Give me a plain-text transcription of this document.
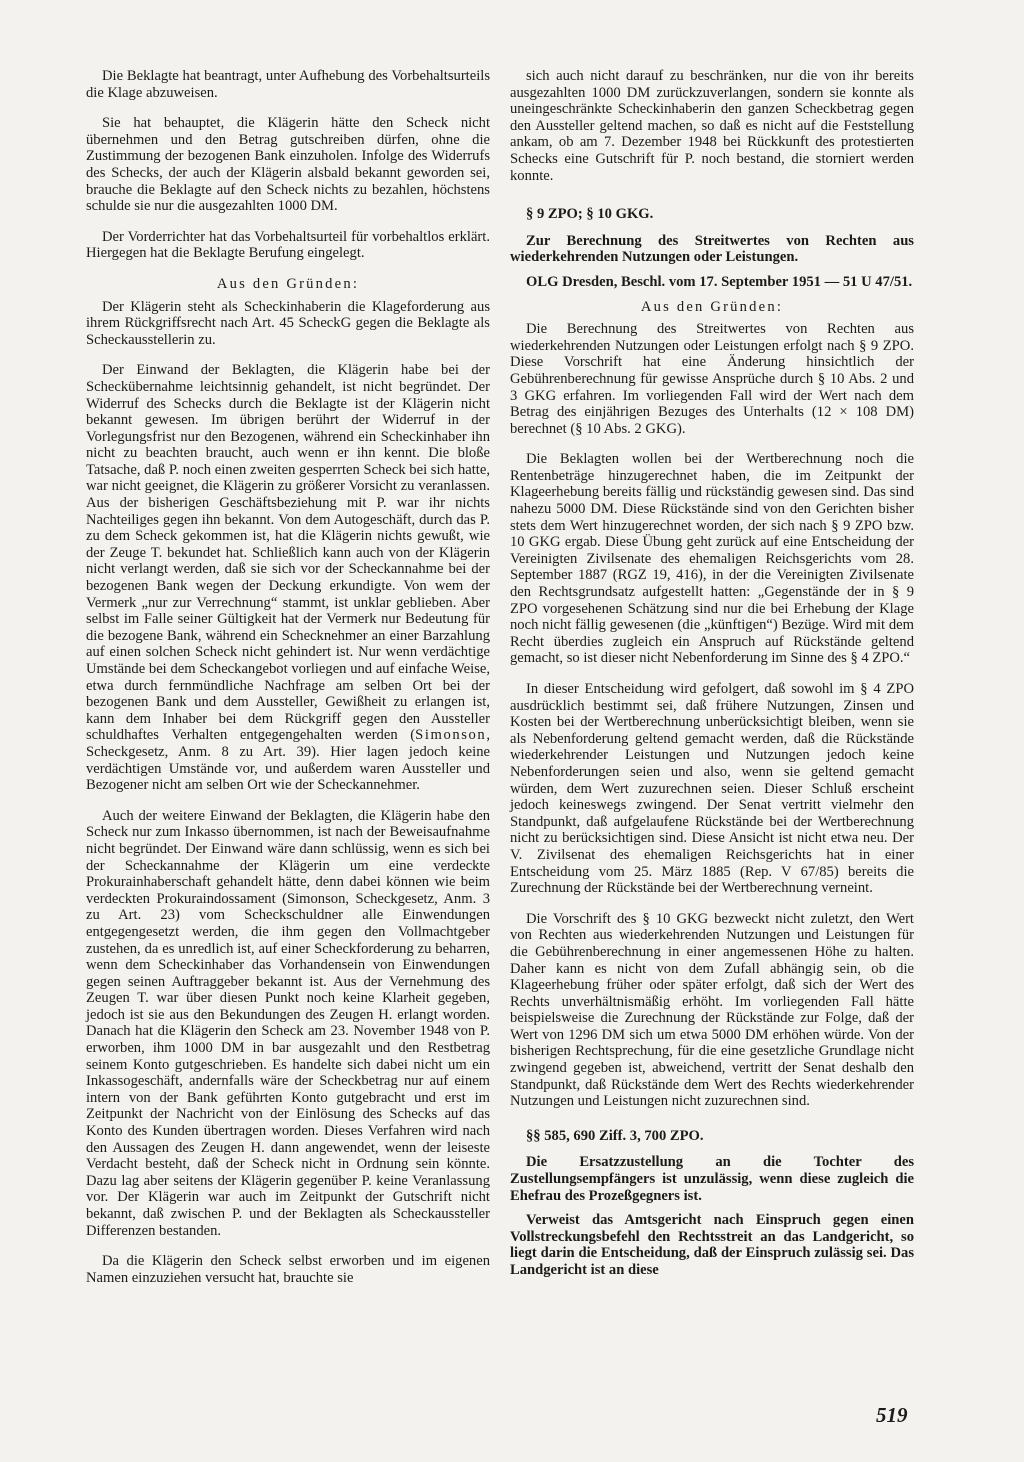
Die Beklagte hat beantragt, unter Aufhebung des Vorbehaltsurteils die Klage abzuweisen.

Sie hat behauptet, die Klägerin hätte den Scheck nicht übernehmen und den Betrag gutschreiben dürfen, ohne die Zustimmung der bezogenen Bank einzuholen. Infolge des Widerrufs des Schecks, der auch der Klägerin alsbald bekannt geworden sei, brauche die Beklagte auf den Scheck nichts zu bezahlen, höchstens schulde sie nur die ausgezahlten 1000 DM.

Der Vorderrichter hat das Vorbehaltsurteil für vorbehaltlos erklärt. Hiergegen hat die Beklagte Berufung eingelegt.

Aus den Gründen:

Der Klägerin steht als Scheckinhaberin die Klageforderung aus ihrem Rückgriffsrecht nach Art. 45 ScheckG gegen die Beklagte als Scheckausstellerin zu.

Der Einwand der Beklagten, die Klägerin habe bei der Scheckübernahme leichtsinnig gehandelt, ist nicht begründet. Der Widerruf des Schecks durch die Beklagte ist der Klägerin nicht bekannt gewesen. Im übrigen berührt der Widerruf in der Vorlegungsfrist nur den Bezogenen, während ein Scheckinhaber ihn nicht zu beachten braucht, auch wenn er ihn kennt. Die bloße Tatsache, daß P. noch einen zweiten gesperrten Scheck bei sich hatte, war nicht geeignet, die Klägerin zu größerer Vorsicht zu veranlassen. Aus der bisherigen Geschäftsbeziehung mit P. war ihr nichts Nachteiliges gegen ihn bekannt. Von dem Autogeschäft, durch das P. zu dem Scheck gekommen ist, hat die Klägerin nichts gewußt, wie der Zeuge T. bekundet hat. Schließlich kann auch von der Klägerin nicht verlangt werden, daß sie sich vor der Scheckannahme bei der bezogenen Bank wegen der Deckung erkundigte. Von wem der Vermerk „nur zur Verrechnung“ stammt, ist unklar geblieben. Aber selbst im Falle seiner Gültigkeit hat der Vermerk nur Bedeutung für die bezogene Bank, während ein Schecknehmer an einer Barzahlung auf einen solchen Scheck nicht gehindert ist. Nur wenn verdächtige Umstände bei dem Scheckangebot vorliegen und auf einfache Weise, etwa durch fernmündliche Nachfrage am selben Ort bei der bezogenen Bank und dem Aussteller, Gewißheit zu erlangen ist, kann dem Inhaber bei dem Rückgriff gegen den Aussteller schuldhaftes Verhalten entgegengehalten werden (Simonson, Scheckgesetz, Anm. 8 zu Art. 39). Hier lagen jedoch keine verdächtigen Umstände vor, und außerdem waren Aussteller und Bezogener nicht am selben Ort wie der Scheckannehmer.

Auch der weitere Einwand der Beklagten, die Klägerin habe den Scheck nur zum Inkasso übernommen, ist nach der Beweisaufnahme nicht begründet. Der Einwand wäre dann schlüssig, wenn es sich bei der Scheckannahme der Klägerin um eine verdeckte Prokurainhaberschaft gehandelt hätte, denn dabei können wie beim verdeckten Prokuraindossament (Simonson, Scheckgesetz, Anm. 3 zu Art. 23) vom Scheckschuldner alle Einwendungen entgegengesetzt werden, die ihm gegen den Vollmachtgeber zustehen, da es unredlich ist, auf einer Scheckforderung zu beharren, wenn dem Scheckinhaber das Vorhandensein von Einwendungen gegen seinen Auftraggeber bekannt ist. Aus der Vernehmung des Zeugen T. war über diesen Punkt noch keine Klarheit gegeben, jedoch ist sie aus den Bekundungen des Zeugen H. erlangt worden. Danach hat die Klägerin den Scheck am 23. November 1948 von P. erworben, ihm 1000 DM in bar ausgezahlt und den Restbetrag seinem Konto gutgeschrieben. Es handelte sich dabei nicht um ein Inkassogeschäft, andernfalls wäre der Scheckbetrag nur auf einem intern von der Bank geführten Konto gutgebracht und erst im Zeitpunkt der Nachricht von der Einlösung des Schecks auf das Konto des Kunden übertragen worden. Dieses Verfahren wird nach den Aussagen des Zeugen H. dann angewendet, wenn der leiseste Verdacht besteht, daß der Scheck nicht in Ordnung sein könnte. Dazu lag aber seitens der Klägerin gegenüber P. keine Veranlassung vor. Der Klägerin war auch im Zeitpunkt der Gutschrift nicht bekannt, daß zwischen P. und der Beklagten als Scheckaussteller Differenzen bestanden.

Da die Klägerin den Scheck selbst erworben und im eigenen Namen einzuziehen versucht hat, brauchte sie

sich auch nicht darauf zu beschränken, nur die von ihr bereits ausgezahlten 1000 DM zurückzuverlangen, sondern sie konnte als uneingeschränkte Scheckinhaberin den ganzen Scheckbetrag gegen den Aussteller geltend machen, so daß es nicht auf die Feststellung ankam, ob am 7. Dezember 1948 bei Rückkunft des protestierten Schecks eine Gutschrift für P. noch bestand, die storniert werden konnte.

§ 9 ZPO; § 10 GKG.

Zur Berechnung des Streitwertes von Rechten aus wiederkehrenden Nutzungen oder Leistungen.

OLG Dresden, Beschl. vom 17. September 1951 — 51 U 47/51.

Aus den Gründen:

Die Berechnung des Streitwertes von Rechten aus wiederkehrenden Nutzungen oder Leistungen erfolgt nach § 9 ZPO. Diese Vorschrift hat eine Änderung hinsichtlich der Gebührenberechnung für gewisse Ansprüche durch § 10 Abs. 2 und 3 GKG erfahren. Im vorliegenden Fall wird der Wert nach dem Betrag des einjährigen Bezuges des Unterhalts (12 × 108 DM) berechnet (§ 10 Abs. 2 GKG).

Die Beklagten wollen bei der Wertberechnung noch die Rentenbeträge hinzugerechnet haben, die im Zeitpunkt der Klageerhebung bereits fällig und rückständig gewesen sind. Das sind nahezu 5000 DM. Diese Rückstände sind von den Gerichten bisher stets dem Wert hinzugerechnet worden, der sich nach § 9 ZPO bzw. 10 GKG ergab. Diese Übung geht zurück auf eine Entscheidung der Vereinigten Zivilsenate des ehemaligen Reichsgerichts vom 28. September 1887 (RGZ 19, 416), in der die Vereinigten Zivilsenate den Rechtsgrundsatz aufgestellt hatten: „Gegenstände der in § 9 ZPO vorgesehenen Schätzung sind nur die bei Erhebung der Klage noch nicht fällig gewesenen (die „künftigen“) Bezüge. Wird mit dem Recht überdies zugleich ein Anspruch auf Rückstände geltend gemacht, so ist dieser nicht Nebenforderung im Sinne des § 4 ZPO.“

In dieser Entscheidung wird gefolgert, daß sowohl im § 4 ZPO ausdrücklich bestimmt sei, daß frühere Nutzungen, Zinsen und Kosten bei der Wertberechnung unberücksichtigt bleiben, wenn sie als Nebenforderung geltend gemacht werden, daß die Rückstände wiederkehrender Leistungen und Nutzungen jedoch keine Nebenforderungen seien und also, wenn sie geltend gemacht würden, dem Wert zuzurechnen seien. Dieser Schluß erscheint jedoch keineswegs zwingend. Der Senat vertritt vielmehr den Standpunkt, daß aufgelaufene Rückstände bei der Wertberechnung nicht zu berücksichtigen sind. Diese Ansicht ist nicht etwa neu. Der V. Zivilsenat des ehemaligen Reichsgerichts hat in einer Entscheidung vom 25. März 1885 (Rep. V 67/85) bereits die Zurechnung der Rückstände bei der Wertberechnung verneint.

Die Vorschrift des § 10 GKG bezweckt nicht zuletzt, den Wert von Rechten aus wiederkehrenden Nutzungen und Leistungen für die Gebührenberechnung in einer angemessenen Höhe zu halten. Daher kann es nicht von dem Zufall abhängig sein, ob die Klageerhebung früher oder später erfolgt, daß sich der Wert des Rechts unverhältnismäßig erhöht. Im vorliegenden Fall hätte beispielsweise die Zurechnung der Rückstände zur Folge, daß der Wert von 1296 DM sich um etwa 5000 DM erhöhen würde. Von der bisherigen Rechtsprechung, für die eine gesetzliche Grundlage nicht zwingend gegeben ist, abweichend, vertritt der Senat deshalb den Standpunkt, daß Rückstände dem Wert des Rechts wiederkehrender Nutzungen und Leistungen nicht zuzurechnen sind.

§§ 585, 690 Ziff. 3, 700 ZPO.

Die Ersatzzustellung an die Tochter des Zustellungsempfängers ist unzulässig, wenn diese zugleich die Ehefrau des Prozeßgegners ist.

Verweist das Amtsgericht nach Einspruch gegen einen Vollstreckungsbefehl den Rechtsstreit an das Landgericht, so liegt darin die Entscheidung, daß der Einspruch zulässig sei. Das Landgericht ist an diese

519
